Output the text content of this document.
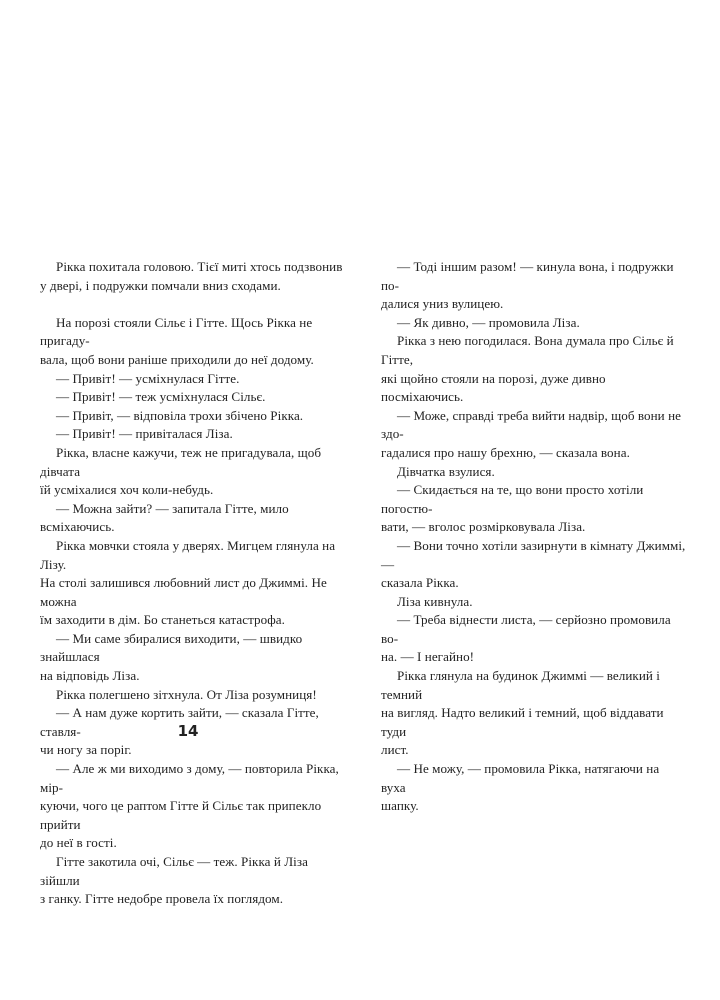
Рікка похитала головою. Тієї миті хтось подзвонив
у двері, і подружки помчали вниз сходами.

На порозі стояли Сільє і Гітте. Щось Рікка не пригаду-
вала, щоб вони раніше приходили до неї додому.

— Привіт! — усміхнулася Гітте.

— Привіт! — теж усміхнулася Сільє.

— Привіт, — відповіла трохи збічено Рікка.

— Привіт! — привіталася Ліза.

Рікка, власне кажучи, теж не пригадувала, щоб дівчата
їй усміхалися хоч коли-небудь.

— Можна зайти? — запитала Гітте, мило всміхаючись.

Рікка мовчки стояла у дверях. Мигцем глянула на Лізу.
На столі залишився любовний лист до Джиммі. Не можна
їм заходити в дім. Бо станеться катастрофа.

— Ми саме збиралися виходити, — швидко знайшлася
на відповідь Ліза.

Рікка полегшено зітхнула. От Ліза розумниця!

— А нам дуже кортить зайти, — сказала Гітте, ставля-
чи ногу за поріг.

— Але ж ми виходимо з дому, — повторила Рікка, мір-
куючи, чого це раптом Гітте й Сільє так припекло прийти
до неї в гості.

Гітте закотила очі, Сільє — теж. Рікка й Ліза зійшли
з ганку. Гітте недобре провела їх поглядом.

— Тоді іншим разом! — кинула вона, і подружки по-
далися униз вулицею.

— Як дивно, — промовила Ліза.

Рікка з нею погодилася. Вона думала про Сільє й Гітте,
які щойно стояли на порозі, дуже дивно посміхаючись.

— Може, справді треба вийти надвір, щоб вони не здо-
гадалися про нашу брехню, — сказала вона.

Дівчатка взулися.

— Скидається на те, що вони просто хотіли погостю-
вати, — вголос розмірковувала Ліза.

— Вони точно хотіли зазирнути в кімнату Джиммі, —
сказала Рікка.

Ліза кивнула.

— Треба віднести листа, — серйозно промовила во-
на. — І негайно!

Рікка глянула на будинок Джиммі — великий і темний
на вигляд. Надто великий і темний, щоб віддавати туди
лист.

— Не можу, — промовила Рікка, натягаючи на вуха
шапку.

14
